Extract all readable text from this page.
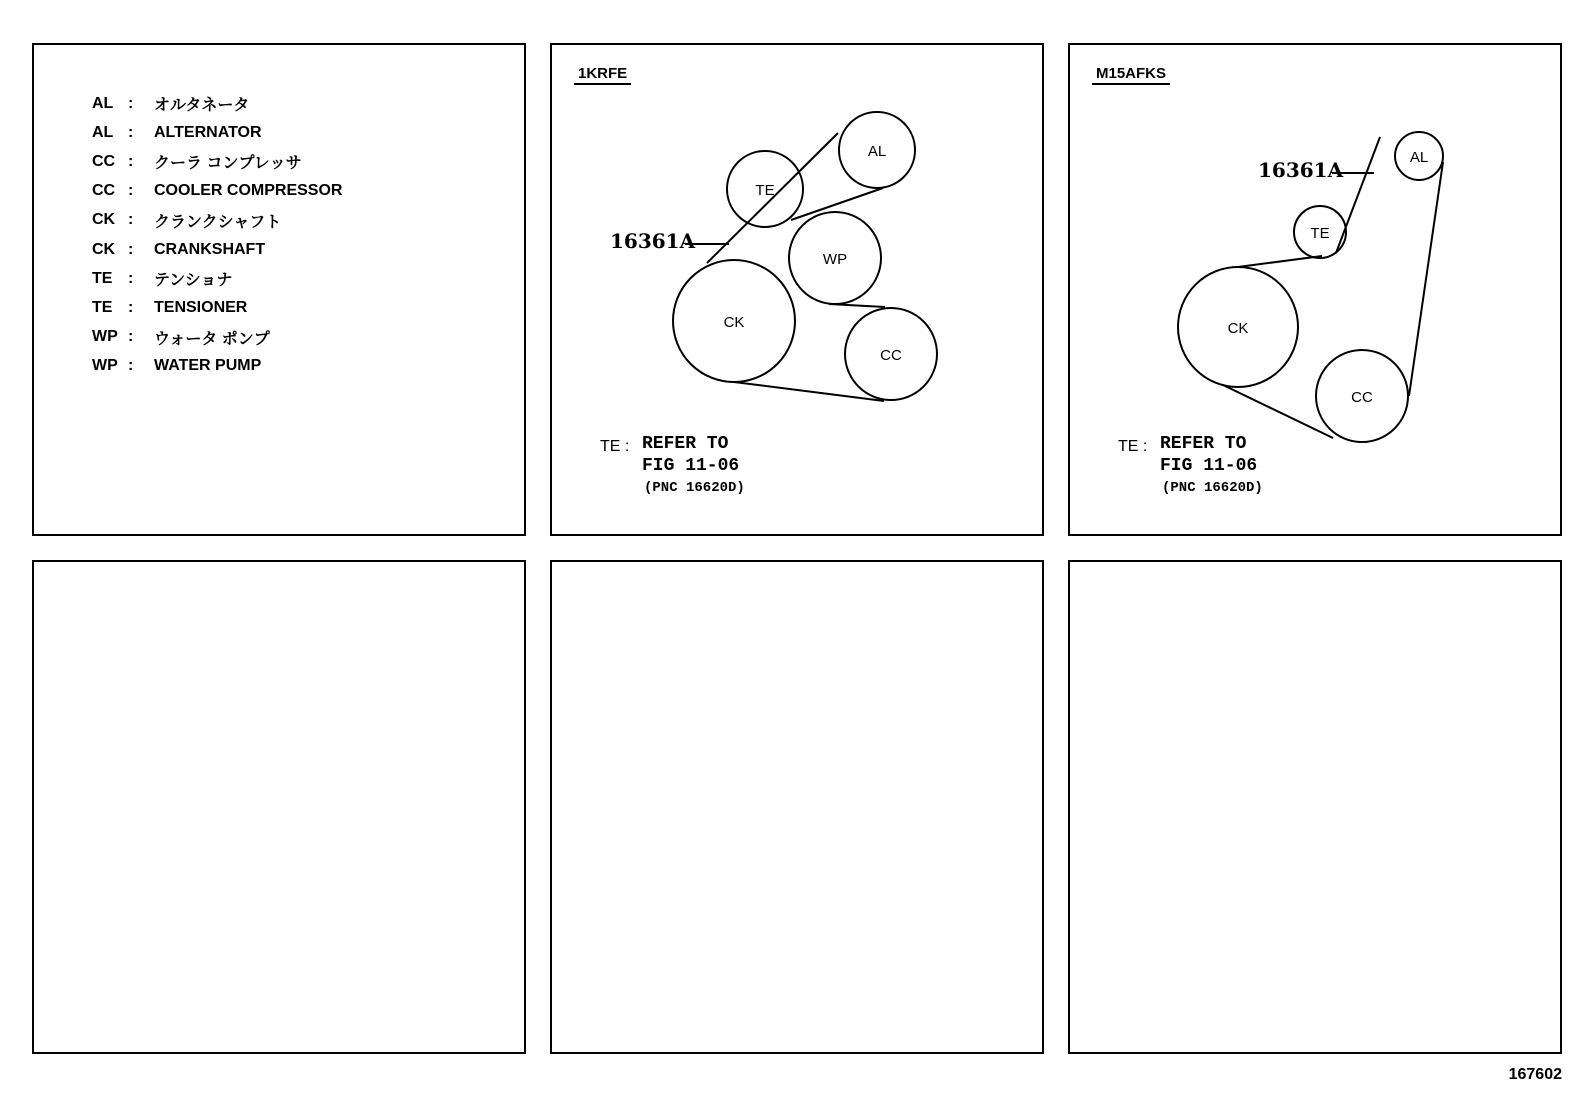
AL :	オルタネータ
AL :	ALTERNATOR
CC :	クーラ コンプレッサ
CC :	COOLER COMPRESSOR
CK :	クランクシャフト
CK :	CRANKSHAFT
TE :	テンショナ
TE :	TENSIONER
WP :	ウォータ ポンプ
WP :	WATER PUMP
1KRFE
TE
AL
WP
CK
CC
16361A
TE : REFER TO
FIG 11-06
(PNC 16620D)
M15AFKS
AL
TE
CK
CC
16361A
TE : REFER TO
FIG 11-06
(PNC 16620D)
167602
